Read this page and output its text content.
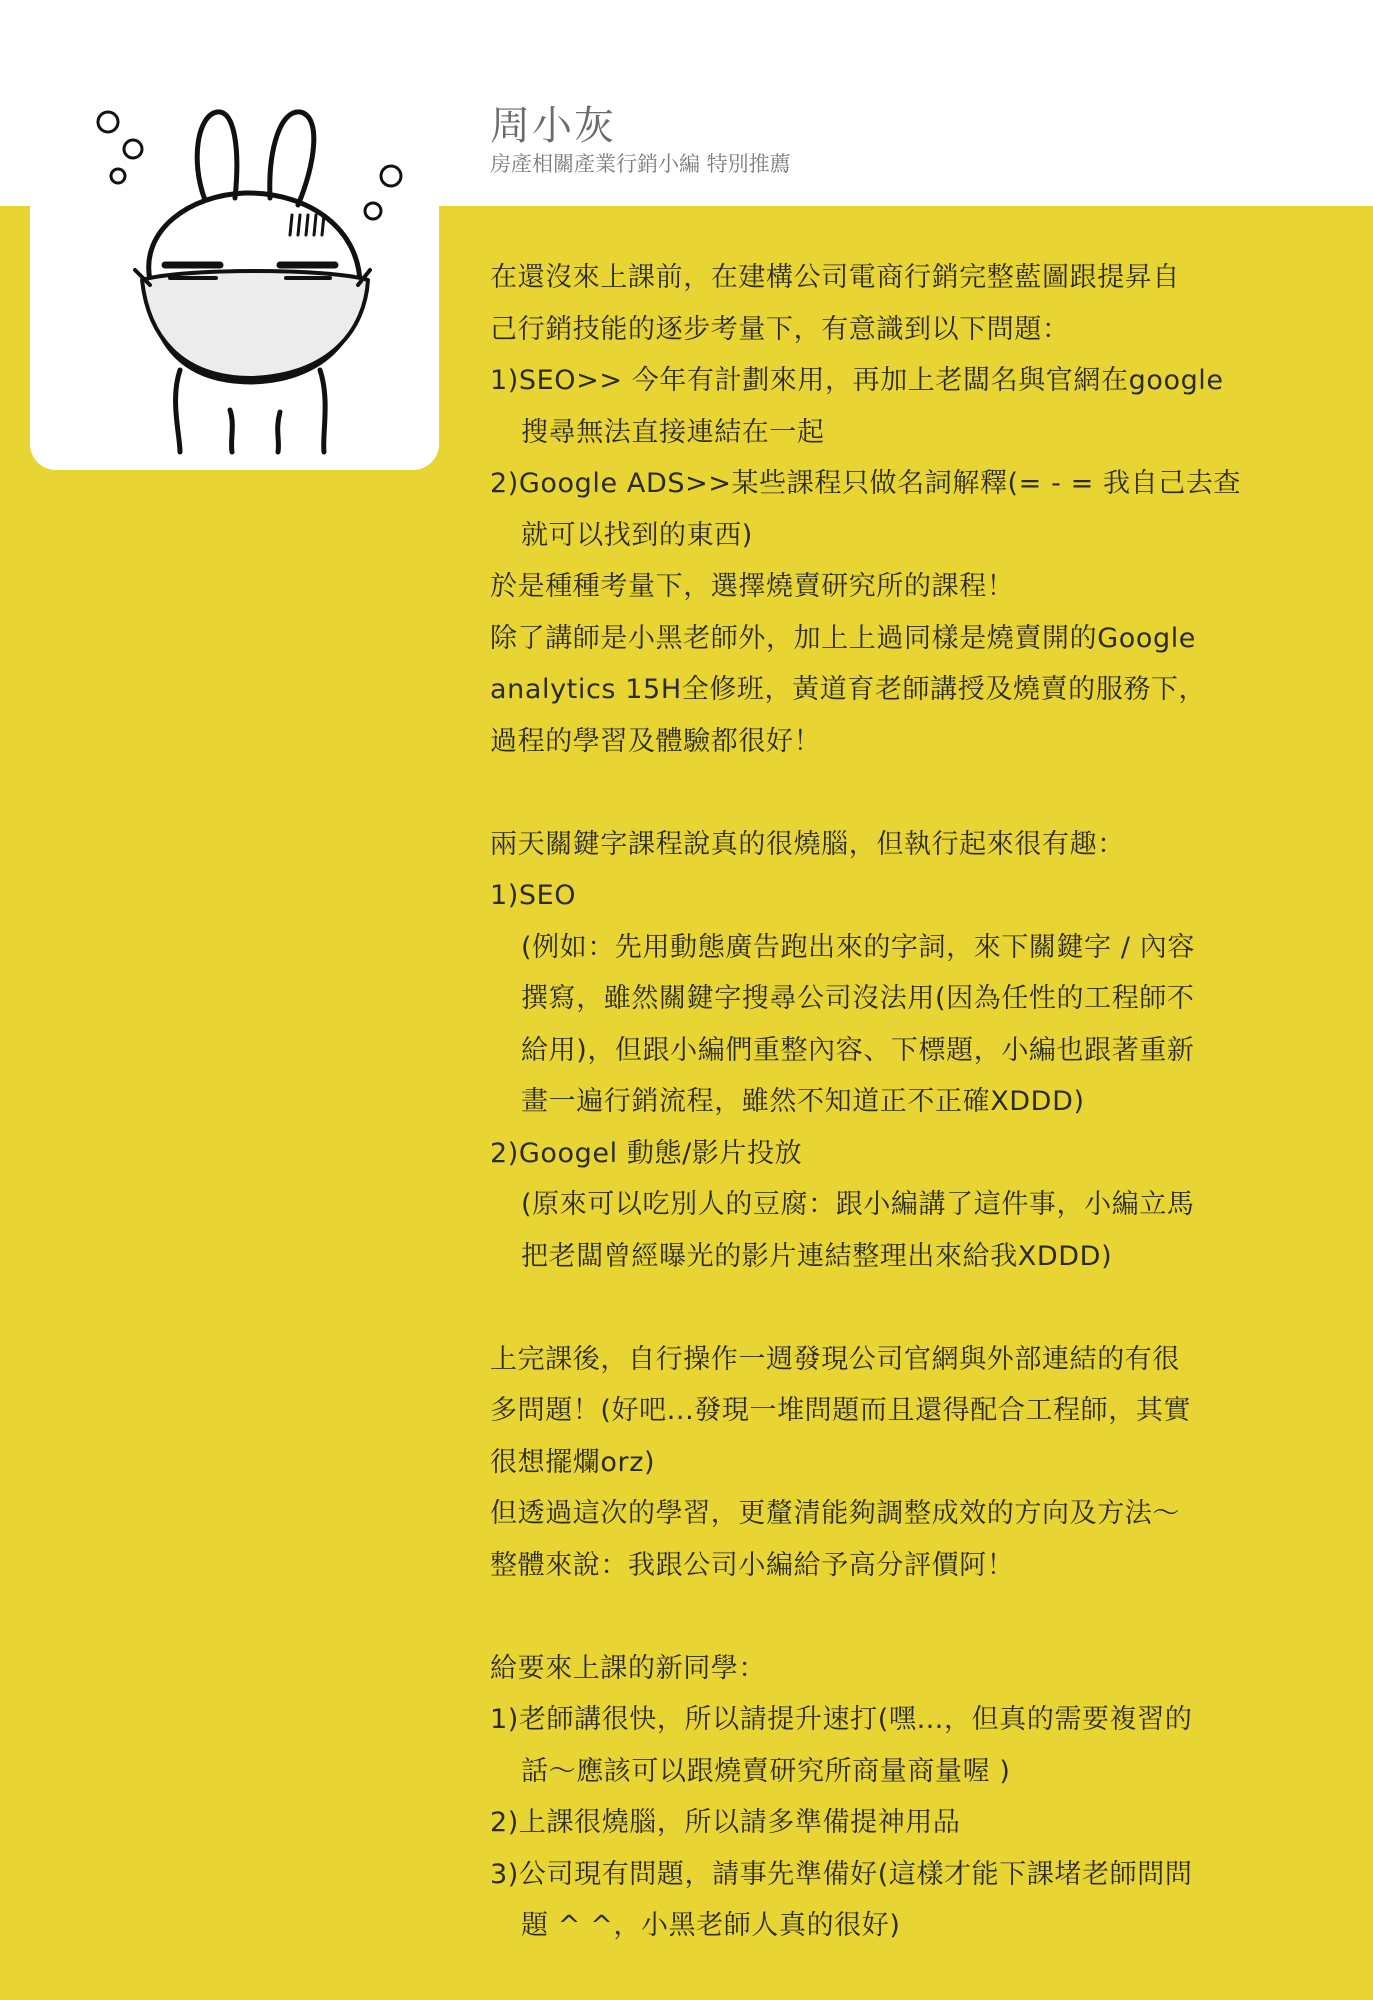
周小灰
房產相關產業行銷小編 特別推薦
在還沒來上課前，在建構公司電商行銷完整藍圖跟提昇自
己行銷技能的逐步考量下，有意識到以下問題：
1)SEO>> 今年有計劃來用，再加上老闆名與官網在google
搜尋無法直接連結在一起
2)Google ADS>>某些課程只做名詞解釋(= - = 我自己去查
就可以找到的東西)
於是種種考量下，選擇燒賣研究所的課程！
除了講師是小黑老師外，加上上過同樣是燒賣開的Google
analytics 15H全修班，黃道育老師講授及燒賣的服務下，
過程的學習及體驗都很好！
兩天關鍵字課程說真的很燒腦，但執行起來很有趣：
1)SEO
(例如：先用動態廣告跑出來的字詞，來下關鍵字 / 內容
撰寫，雖然關鍵字搜尋公司沒法用(因為任性的工程師不
給用)，但跟小編們重整內容、下標題，小編也跟著重新
畫一遍行銷流程，雖然不知道正不正確XDDD)
2)Googel 動態/影片投放
(原來可以吃別人的豆腐：跟小編講了這件事，小編立馬
把老闆曾經曝光的影片連結整理出來給我XDDD)
上完課後，自行操作一週發現公司官網與外部連結的有很
多問題！(好吧...發現一堆問題而且還得配合工程師，其實
很想擺爛orz)
但透過這次的學習，更釐清能夠調整成效的方向及方法～
整體來說：我跟公司小編給予高分評價阿！
給要來上課的新同學：
1)老師講很快，所以請提升速打(嘿…，但真的需要複習的
話～應該可以跟燒賣研究所商量商量喔 )
2)上課很燒腦，所以請多準備提神用品
3)公司現有問題，請事先準備好(這樣才能下課堵老師問問
題 ^ ^，小黑老師人真的很好)
